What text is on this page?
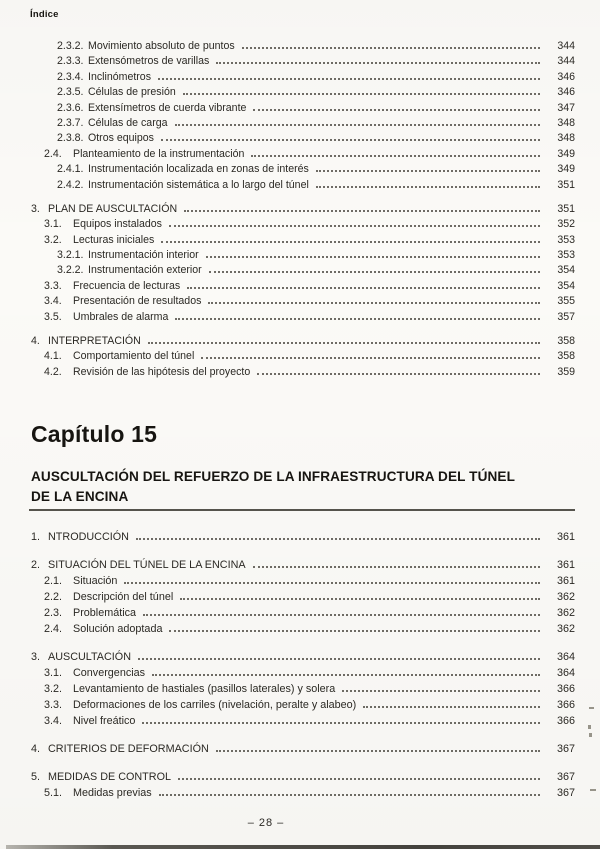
Índice
2.3.2. Movimiento absoluto de puntos	344
2.3.3. Extensómetros de varillas	344
2.3.4. Inclinómetros	346
2.3.5. Células de presión	346
2.3.6. Extensímetros de cuerda vibrante	347
2.3.7. Células de carga	348
2.3.8. Otros equipos	348
2.4.	Planteamiento de la instrumentación	349
2.4.1. Instrumentación localizada en zonas de interés	349
2.4.2. Instrumentación sistemática a lo largo del túnel	351
3. PLAN DE AUSCULTACIÓN	351
3.1.	Equipos instalados	352
3.2.	Lecturas iniciales	353
3.2.1. Instrumentación interior	353
3.2.2. Instrumentación exterior	354
3.3.	Frecuencia de lecturas	354
3.4.	Presentación de resultados	355
3.5.	Umbrales de alarma	357
4. INTERPRETACIÓN	358
4.1.	Comportamiento del túnel	358
4.2.	Revisión de las hipótesis del proyecto	359
Capítulo 15
AUSCULTACIÓN DEL REFUERZO DE LA INFRAESTRUCTURA DEL TÚNEL
DE LA ENCINA
1. NTRODUCCIÓN	361
2. SITUACIÓN DEL TÚNEL DE LA ENCINA	361
2.1.	Situación	361
2.2.	Descripción del túnel	362
2.3.	Problemática	362
2.4.	Solución adoptada	362
3. AUSCULTACIÓN	364
3.1.	Convergencias	364
3.2.	Levantamiento de hastiales (pasillos laterales) y solera	366
3.3.	Deformaciones de los carriles (nivelación, peralte y alabeo)	366
3.4.	Nivel freático	366
4. CRITERIOS DE DEFORMACIÓN	367
5. MEDIDAS DE CONTROL	367
5.1.	Medidas previas	367
– 28 –
